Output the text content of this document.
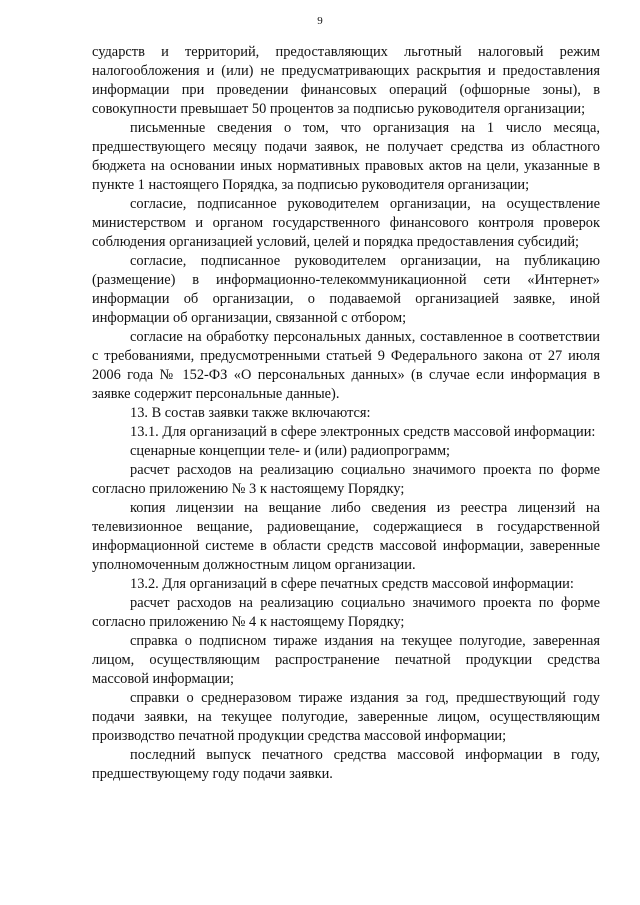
9

сударств и территорий, предоставляющих льготный налоговый режим налогообложения и (или) не предусматривающих раскрытия и предоставления информации при проведении финансовых операций (офшорные зоны), в совокупности превышает 50 процентов за подписью руководителя организации;

письменные сведения о том, что организация на 1 число месяца, предшествующего месяцу подачи заявок, не получает средства из областного бюджета на основании иных нормативных правовых актов на цели, указанные в пункте 1 настоящего Порядка, за подписью руководителя организации;

согласие, подписанное руководителем организации, на осуществление министерством и органом государственного финансового контроля проверок соблюдения организацией условий, целей и порядка предоставления субсидий;

согласие, подписанное руководителем организации, на публикацию (размещение) в информационно-телекоммуникационной сети «Интернет» информации об организации, о подаваемой организацией заявке, иной информации об организации, связанной с отбором;

согласие на обработку персональных данных, составленное в соответствии с требованиями, предусмотренными статьей 9 Федерального закона от 27 июля 2006 года № 152-ФЗ «О персональных данных» (в случае если информация в заявке содержит персональные данные).

13. В состав заявки также включаются:

13.1. Для организаций в сфере электронных средств массовой информации:

сценарные концепции теле- и (или) радиопрограмм;

расчет расходов на реализацию социально значимого проекта по форме согласно приложению № 3 к настоящему Порядку;

копия лицензии на вещание либо сведения из реестра лицензий на телевизионное вещание, радиовещание, содержащиеся в государственной информационной системе в области средств массовой информации, заверенные уполномоченным должностным лицом организации.

13.2. Для организаций в сфере печатных средств массовой информации:

расчет расходов на реализацию социально значимого проекта по форме согласно приложению № 4 к настоящему Порядку;

справка о подписном тираже издания на текущее полугодие, заверенная лицом, осуществляющим распространение печатной продукции средства массовой информации;

справки о среднеразовом тираже издания за год, предшествующий году подачи заявки, на текущее полугодие, заверенные лицом, осуществляющим производство печатной продукции средства массовой информации;

последний выпуск печатного средства массовой информации в году, предшествующему году подачи заявки.
